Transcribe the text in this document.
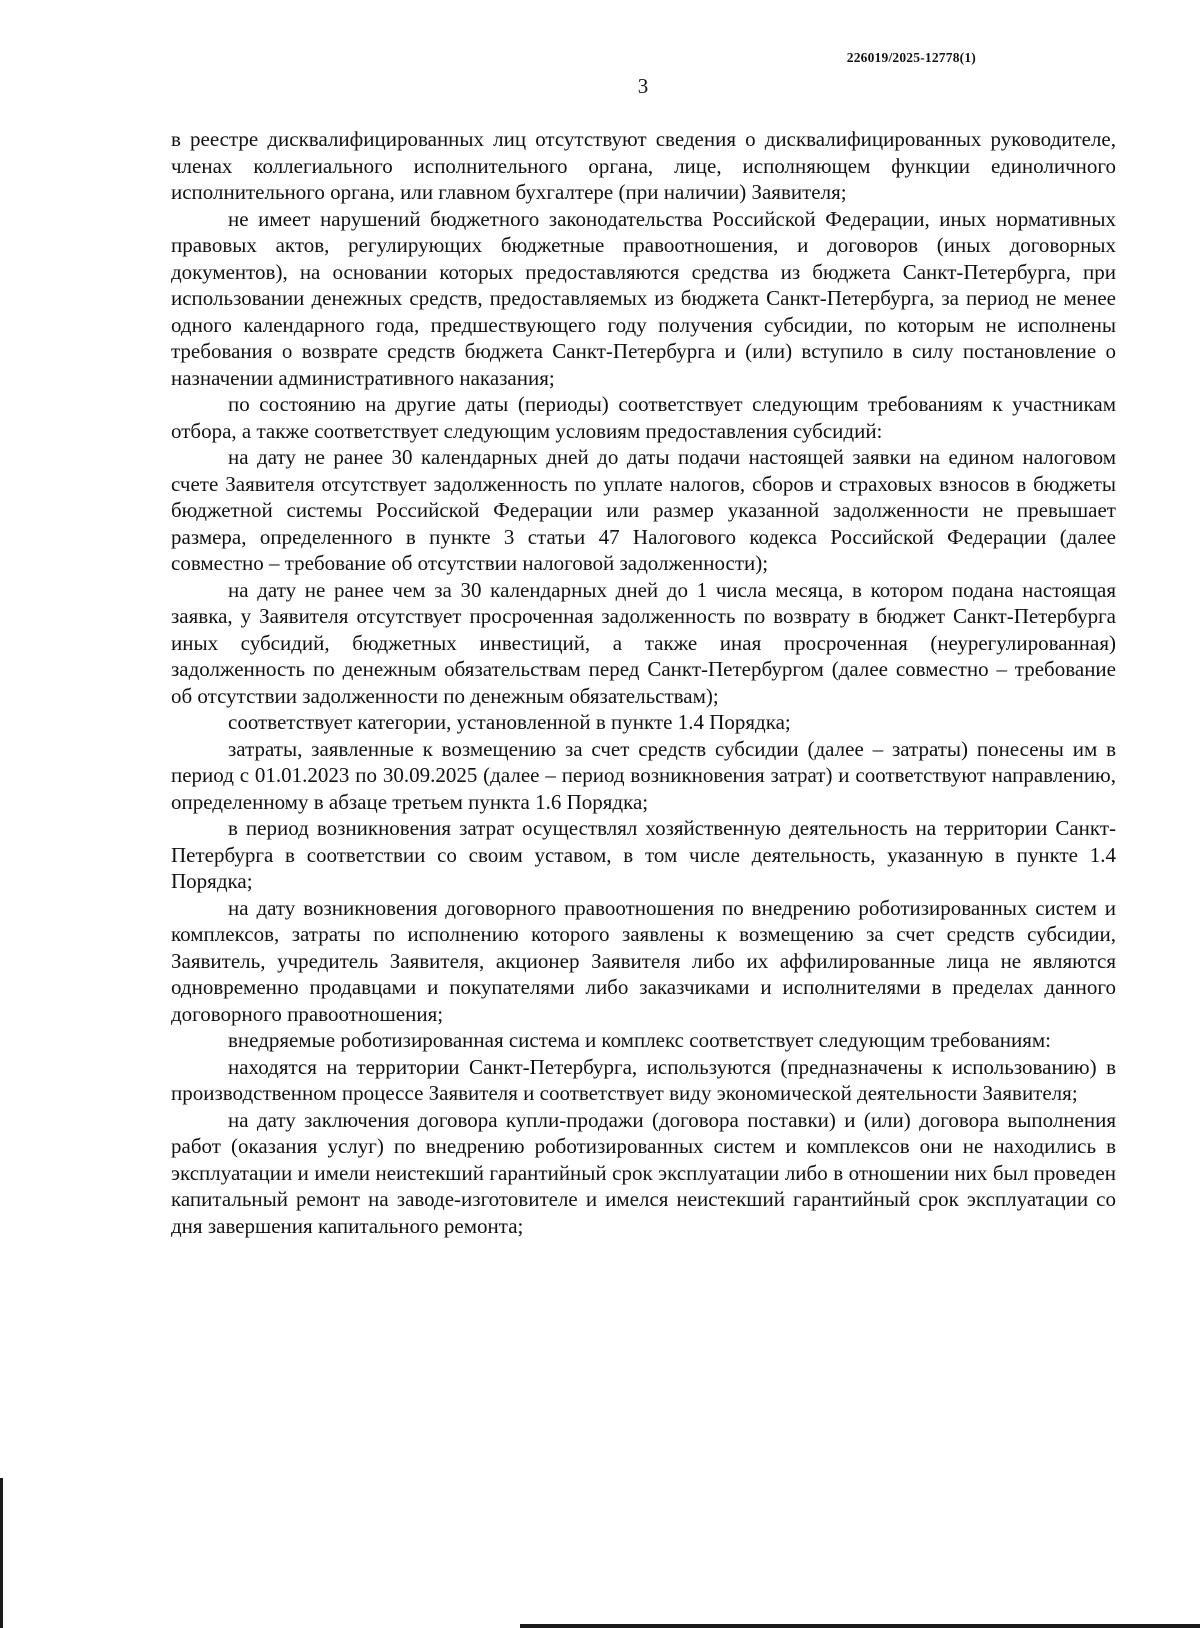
226019/2025-12778(1)
3

в реестре дисквалифицированных лиц отсутствуют сведения о дисквалифицированных руководителе, членах коллегиального исполнительного органа, лице, исполняющем функции единоличного исполнительного органа, или главном бухгалтере (при наличии) Заявителя;

не имеет нарушений бюджетного законодательства Российской Федерации, иных нормативных правовых актов, регулирующих бюджетные правоотношения, и договоров (иных договорных документов), на основании которых предоставляются средства из бюджета Санкт-Петербурга, при использовании денежных средств, предоставляемых из бюджета Санкт-Петербурга, за период не менее одного календарного года, предшествующего году получения субсидии, по которым не исполнены требования о возврате средств бюджета Санкт-Петербурга и (или) вступило в силу постановление о назначении административного наказания;

по состоянию на другие даты (периоды) соответствует следующим требованиям к участникам отбора, а также соответствует следующим условиям предоставления субсидий:

на дату не ранее 30 календарных дней до даты подачи настоящей заявки на едином налоговом счете Заявителя отсутствует задолженность по уплате налогов, сборов и страховых взносов в бюджеты бюджетной системы Российской Федерации или размер указанной задолженности не превышает размера, определенного в пункте 3 статьи 47 Налогового кодекса Российской Федерации (далее совместно – требование об отсутствии налоговой задолженности);

на дату не ранее чем за 30 календарных дней до 1 числа месяца, в котором подана настоящая заявка, у Заявителя отсутствует просроченная задолженность по возврату в бюджет Санкт-Петербурга иных субсидий, бюджетных инвестиций, а также иная просроченная (неурегулированная) задолженность по денежным обязательствам перед Санкт-Петербургом (далее совместно – требование об отсутствии задолженности по денежным обязательствам);

соответствует категории, установленной в пункте 1.4 Порядка;

затраты, заявленные к возмещению за счет средств субсидии (далее – затраты) понесены им в период с 01.01.2023 по 30.09.2025 (далее – период возникновения затрат) и соответствуют направлению, определенному в абзаце третьем пункта 1.6 Порядка;

в период возникновения затрат осуществлял хозяйственную деятельность на территории Санкт-Петербурга в соответствии со своим уставом, в том числе деятельность, указанную в пункте 1.4 Порядка;

на дату возникновения договорного правоотношения по внедрению роботизированных систем и комплексов, затраты по исполнению которого заявлены к возмещению за счет средств субсидии, Заявитель, учредитель Заявителя, акционер Заявителя либо их аффилированные лица не являются одновременно продавцами и покупателями либо заказчиками и исполнителями в пределах данного договорного правоотношения;

внедряемые роботизированная система и комплекс соответствует следующим требованиям:

находятся на территории Санкт-Петербурга, используются (предназначены к использованию) в производственном процессе Заявителя и соответствует виду экономической деятельности Заявителя;

на дату заключения договора купли-продажи (договора поставки) и (или) договора выполнения работ (оказания услуг) по внедрению роботизированных систем и комплексов они не находились в эксплуатации и имели неистекший гарантийный срок эксплуатации либо в отношении них был проведен капитальный ремонт на заводе-изготовителе и имелся неистекший гарантийный срок эксплуатации со дня завершения капитального ремонта;
